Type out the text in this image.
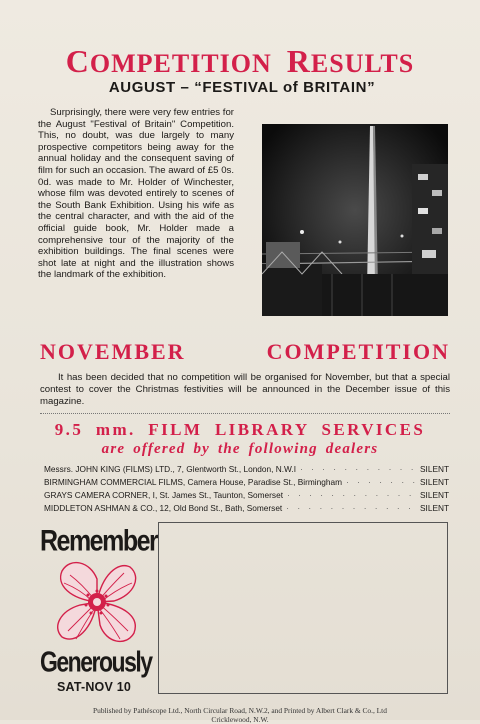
COMPETITION RESULTS
AUGUST – “FESTIVAL of BRITAIN”
Surprisingly, there were very few entries for the August "Festival of Britain" Competition. This, no doubt, was due largely to many prospective competitors being away for the annual holiday and the consequent saving of film for such an occasion. The award of £5 0s. 0d. was made to Mr. Holder of Winchester, whose film was devoted entirely to scenes of the South Bank Exhibition. Using his wife as the central character, and with the aid of the official guide book, Mr. Holder made a comprehensive tour of the majority of the exhibition buildings. The final scenes were shot late at night and the illustration shows the landmark of the exhibition.
NOVEMBER	COMPETITION
It has been decided that no competition will be organised for November, but that a special contest to cover the Christmas festivities will be announced in the December issue of this magazine.
9.5 mm. FILM LIBRARY SERVICES
are offered by the following dealers
Messrs. JOHN KING (FILMS) LTD., 7, Glentworth St., London, N.W.I · · ·	SILENT
BIRMINGHAM COMMERCIAL FILMS, Camera House, Paradise St., Birmingham · · ·	SILENT
GRAYS CAMERA CORNER, I, St. James St., Taunton, Somerset · · ·	SILENT
MIDDLETON ASHMAN & CO., 12, Old Bond St., Bath, Somerset · · ·	SILENT
Remember
Generously
SAT-NOV 10
Published by Pathéscope Ltd., North Circular Road, N.W.2, and Printed by Albert Clark & Co., Ltd
Cricklewood, N.W.
